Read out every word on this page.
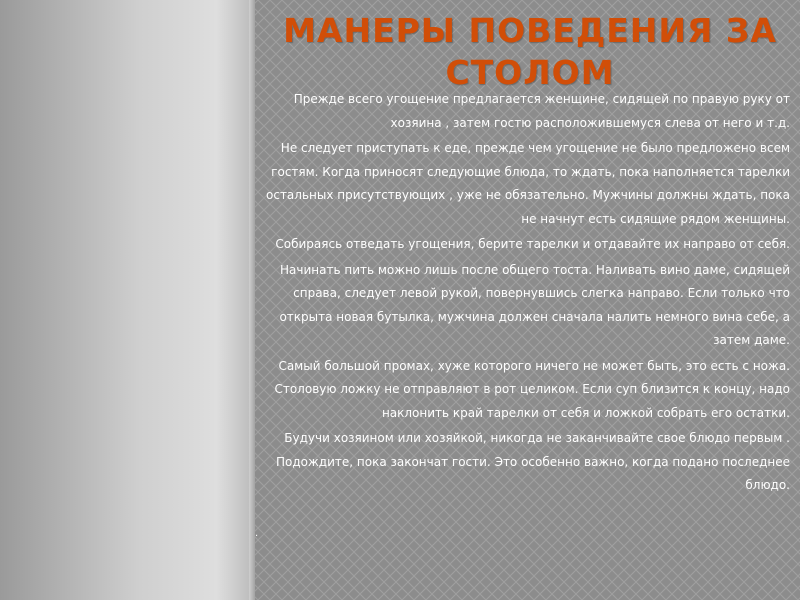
МАНЕРЫ ПОВЕДЕНИЯ ЗА СТОЛОМ

Прежде всего угощение предлагается женщине, сидящей по правую руку от хозяина , затем гостю расположившемуся слева от него и т.д.

Не следует приступать к еде, прежде чем угощение не было предложено всем гостям. Когда приносят следующие блюда, то ждать, пока наполняется тарелки остальных присутствующих , уже не обязательно. Мужчины должны ждать, пока не начнут есть сидящие рядом женщины.

Собираясь отведать угощения, берите тарелки и отдавайте их направо от себя.

Начинать пить можно лишь после общего тоста. Наливать вино даме, сидящей справа, следует левой рукой, повернувшись слегка направо. Если только что открыта новая бутылка, мужчина должен сначала налить немного вина себе, а затем даме.

Самый большой промах, хуже которого ничего не может быть, это есть с ножа. Столовую ложку не отправляют в рот целиком. Если суп близится к концу, надо наклонить край тарелки от себя и ложкой собрать его остатки.

Будучи хозяином или хозяйкой, никогда не заканчивайте свое блюдо первым . Подождите, пока закончат гости. Это особенно важно, когда подано последнее блюдо.

.
